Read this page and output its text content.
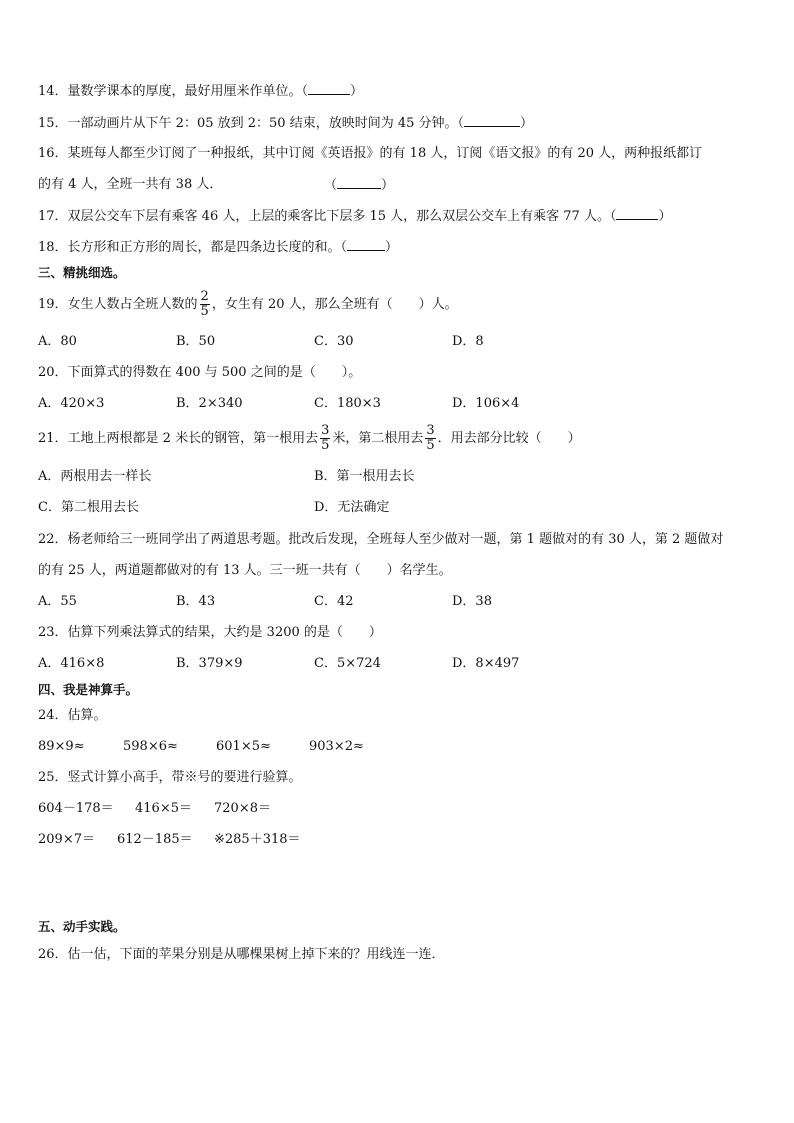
14．量数学课本的厚度，最好用厘米作单位。（	）
15．一部动画片从下午 2：05 放到 2：50 结束，放映时间为 45 分钟。（	）
16．某班每人都至少订阅了一种报纸，其中订阅《英语报》的有 18 人，订阅《语文报》的有 20 人，两种报纸都订
的有 4 人，全班一共有 38 人．	（	）
17．双层公交车下层有乘客 46 人，上层的乘客比下层多 15 人，那么双层公交车上有乘客 77 人。（	）
18．长方形和正方形的周长，都是四条边长度的和。（	）
三、精挑细选。
19．女生人数占全班人数的 $\frac{2}{5}$ ，女生有 20 人，那么全班有（　　）人。
A．80	B．50	C．30	D．8
20．下面算式的得数在 400 与 500 之间的是（　　）。
A．420×3	B．2×340	C．180×3	D．106×4
21．工地上两根都是 2 米长的钢管，第一根用去 $\frac{3}{5}$ 米，第二根用去 $\frac{3}{5}$ ．用去部分比较（　　）
A．两根用去一样长	B．第一根用去长
C．第二根用去长	D．无法确定
22．杨老师给三一班同学出了两道思考题。批改后发现，全班每人至少做对一题，第 1 题做对的有 30 人，第 2 题做对
的有 25 人，两道题都做对的有 13 人。三一班一共有（　　）名学生。
A．55	B．43	C．42	D．38
23．估算下列乘法算式的结果，大约是 3200 的是（　　）
A．416×8	B．379×9	C．5×724	D．8×497
四、我是神算手。
24．估算。
89×9≈	598×6≈	601×5≈	903×2≈
25．竖式计算小高手，带※号的要进行验算。
604－178＝ 416×5＝ 720×8＝
209×7＝ 612－185＝ ※285＋318＝
五、动手实践。
26．估一估，下面的苹果分别是从哪棵果树上掉下来的？用线连一连．
